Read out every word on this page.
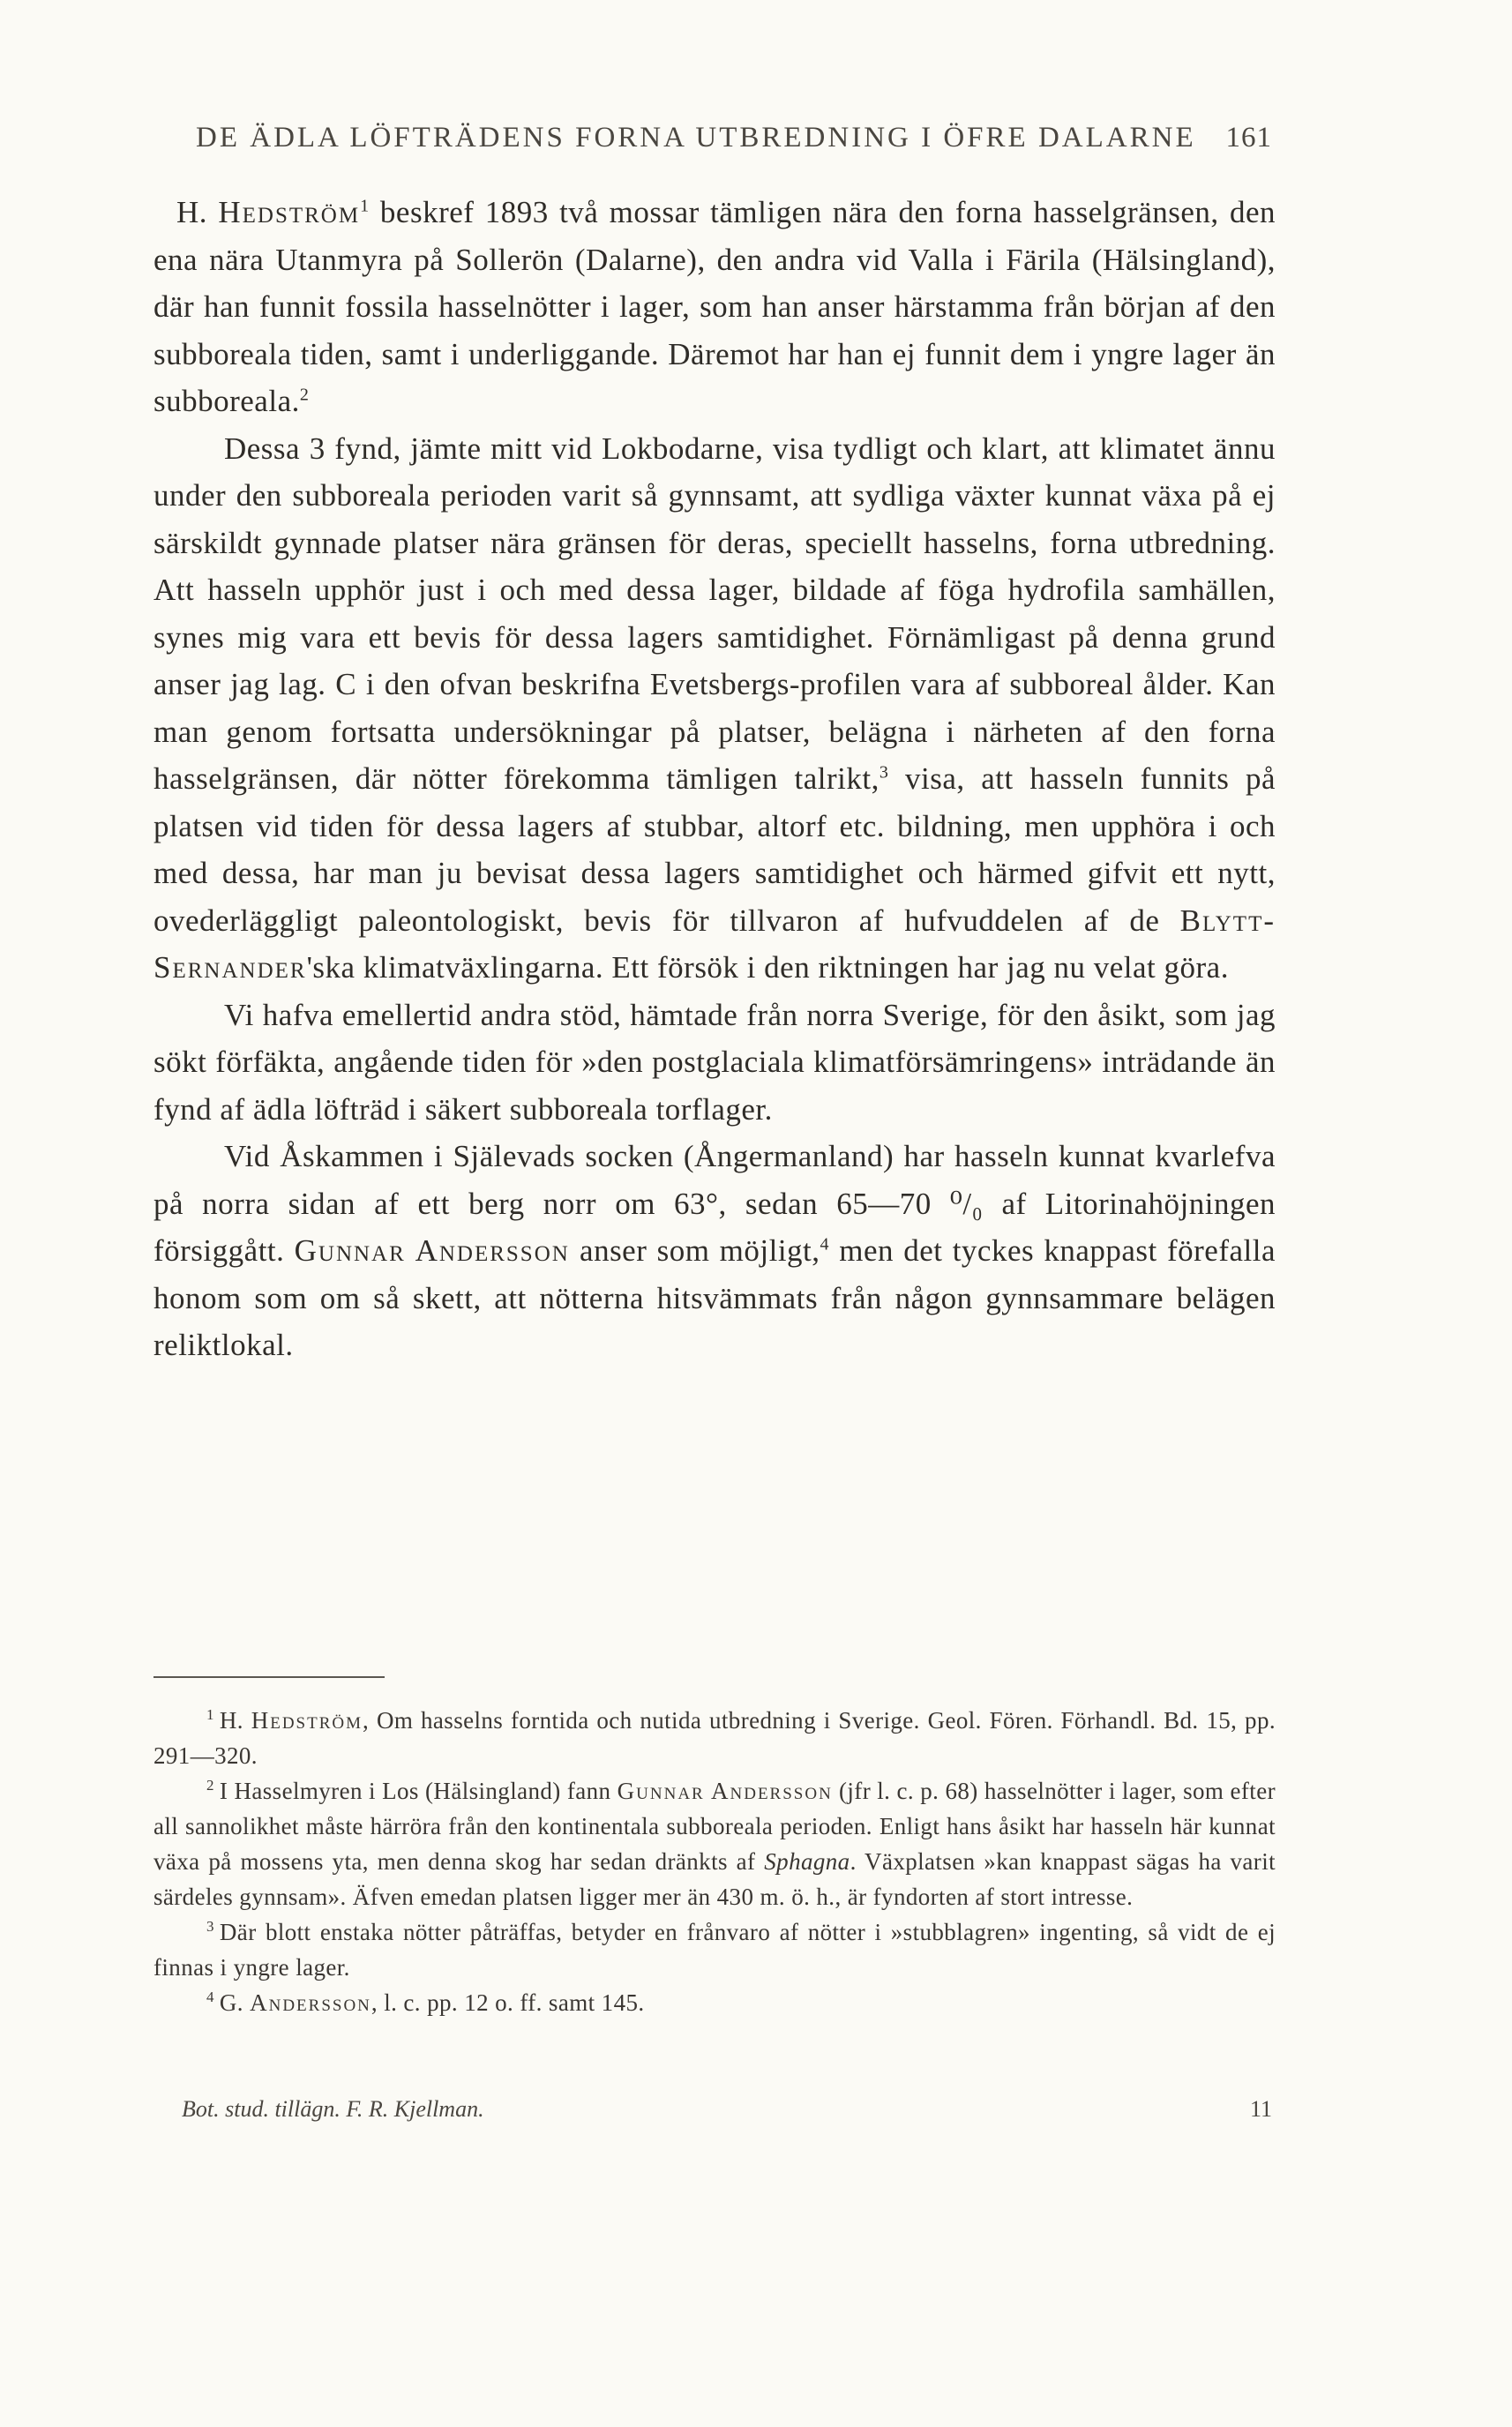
DE ÄDLA LÖFTRÄDENS FORNA UTBREDNING I ÖFRE DALARNE 161

H. Hedström$^1$ beskref 1893 två mossar tämligen nära den forna hasselgränsen, den ena nära Utanmyra på Sollerön (Dalarne), den andra vid Valla i Färila (Hälsingland), där han funnit fossila hasselnötter i lager, som han anser härstamma från början af den subboreala tiden, samt i underliggande. Däremot har han ej funnit dem i yngre lager än subboreala.$^2$

Dessa 3 fynd, jämte mitt vid Lokbodarne, visa tydligt och klart, att klimatet ännu under den subboreala perioden varit så gynnsamt, att sydliga växter kunnat växa på ej särskildt gynnade platser nära gränsen för deras, speciellt hasselns, forna utbredning. Att hasseln upphör just i och med dessa lager, bildade af föga hydrofila samhällen, synes mig vara ett bevis för dessa lagers samtidighet. Förnämligast på denna grund anser jag lag. C i den ofvan beskrifna Evetsbergs-profilen vara af subboreal ålder. Kan man genom fortsatta undersökningar på platser, belägna i närheten af den forna hasselgränsen, där nötter förekomma tämligen talrikt,$^3$ visa, att hasseln funnits på platsen vid tiden för dessa lagers af stubbar, altorf etc. bildning, men upphöra i och med dessa, har man ju bevisat dessa lagers samtidighet och härmed gifvit ett nytt, ovederläggligt paleontologiskt, bevis för tillvaron af hufvuddelen af de Blytt-Sernander'ska klimatväxlingarna. Ett försök i den riktningen har jag nu velat göra.

Vi hafva emellertid andra stöd, hämtade från norra Sverige, för den åsikt, som jag sökt förfäkta, angående tiden för »den postglaciala klimatförsämringens» inträdande än fynd af ädla löfträd i säkert subboreala torflager.

Vid Åskammen i Själevads socken (Ångermanland) har hasseln kunnat kvarlefva på norra sidan af ett berg norr om 63°, sedan 65—70 ⁰/₀ af Litorinahöjningen försiggått. Gunnar Andersson anser som möjligt,$^4$ men det tyckes knappast förefalla honom som om så skett, att nötterna hitsvämmats från någon gynnsammare belägen reliktlokal.

$^1$ H. Hedström, Om hasselns forntida och nutida utbredning i Sverige. Geol. Fören. Förhandl. Bd. 15, pp. 291—320.

$^2$ I Hasselmyren i Los (Hälsingland) fann Gunnar Andersson (jfr l. c. p. 68) hasselnötter i lager, som efter all sannolikhet måste härröra från den kontinentala subboreala perioden. Enligt hans åsikt har hasseln här kunnat växa på mossens yta, men denna skog har sedan dränkts af Sphagna. Växplatsen »kan knappast sägas ha varit särdeles gynnsam». Äfven emedan platsen ligger mer än 430 m. ö. h., är fyndorten af stort intresse.

$^3$ Där blott enstaka nötter påträffas, betyder en frånvaro af nötter i »stubblagren» ingenting, så vidt de ej finnas i yngre lager.

$^4$ G. Andersson, l. c. pp. 12 o. ff. samt 145.

Bot. stud. tillägn. F. R. Kjellman.	11
